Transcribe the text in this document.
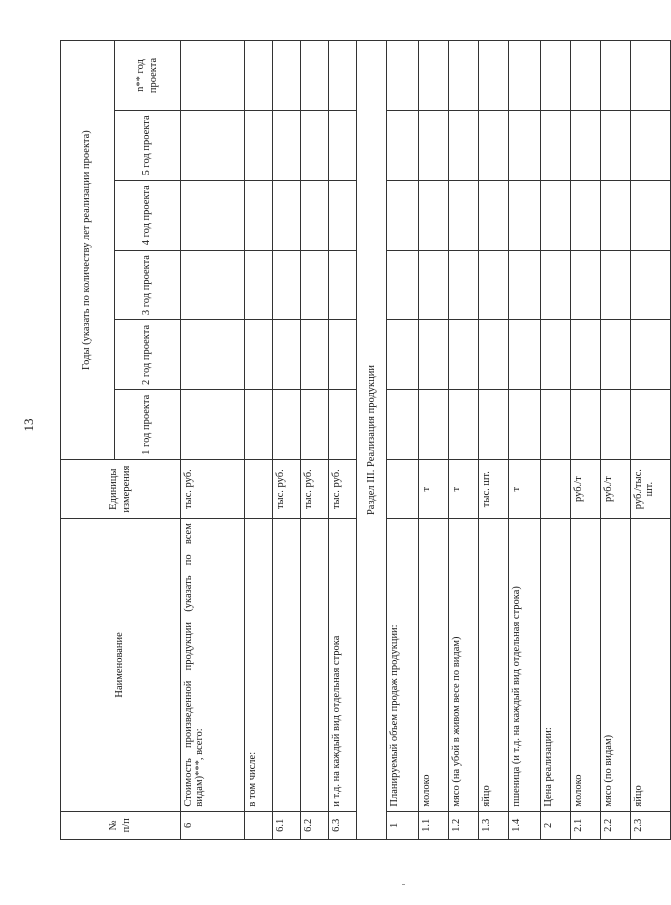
13
№ п/п	Наименование	Единицы измерения	Годы (указать по количеству лет реализации проекта)					
			1 год проекта	2 год проекта	3 год проекта	4 год проекта	5 год проекта	n** год проекта
6	Стоимость произведенной продукции (указать по всем видам)***, всего:	тыс. руб.						
	в том числе:							
6.1		тыс. руб.						
6.2		тыс. руб.						
6.3	и т.д. на каждый вид отдельная строка	тыс. руб.						
Раздел III. Реализация продукции								
1	Планируемый объем продаж продукции:							
1.1	молоко	т						
1.2	мясо (на убой в живом весе по видам)	т						
1.3	яйцо	тыс. шт.						
1.4	пшеница (и т.д. на каждый вид отдельная строка)	т						
2	Цена реализации:							
2.1	молоко	руб./т						
2.2	мясо (по видам)	руб./т						
2.3	яйцо	руб./тыс. шт.						
